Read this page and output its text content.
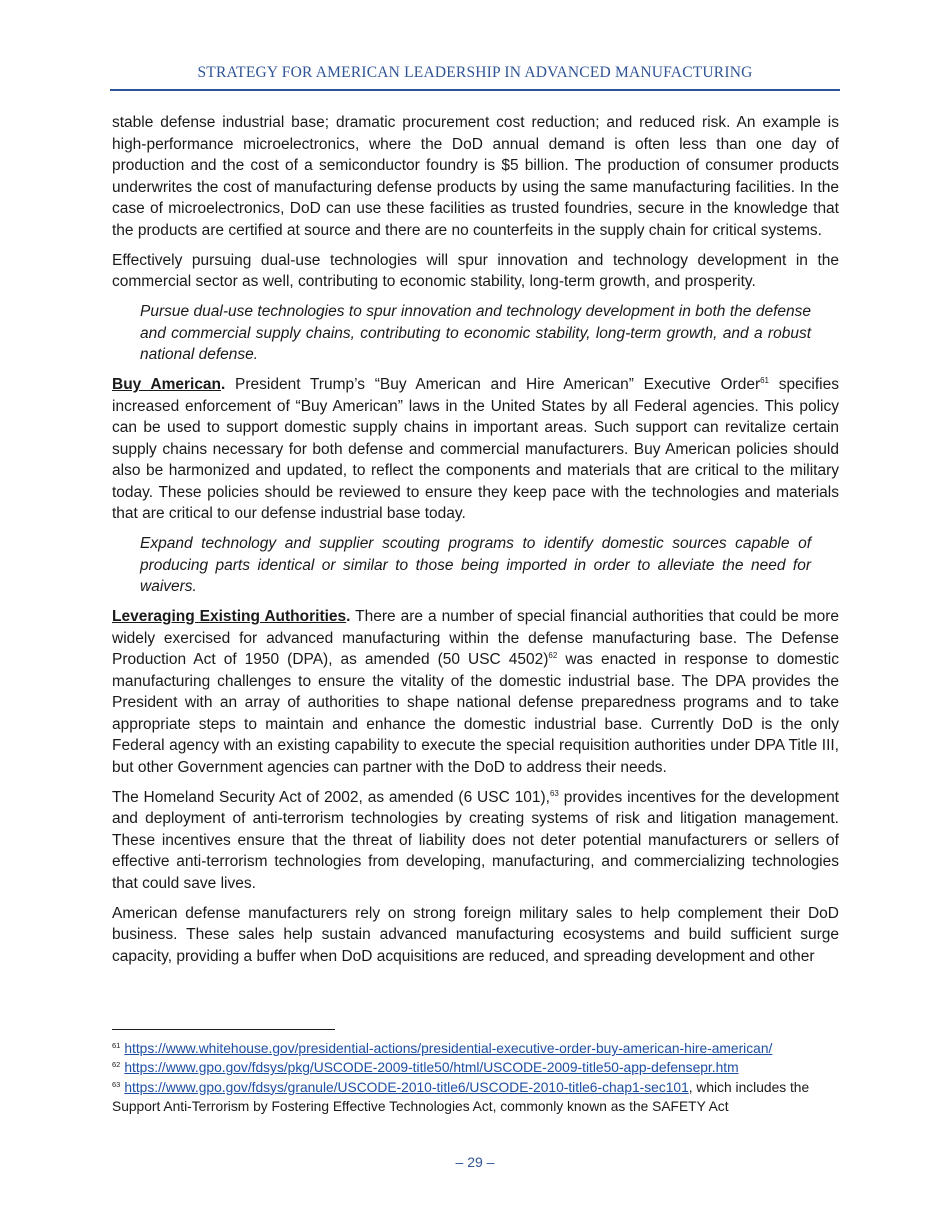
STRATEGY FOR AMERICAN LEADERSHIP IN ADVANCED MANUFACTURING

stable defense industrial base; dramatic procurement cost reduction; and reduced risk. An example is high-performance microelectronics, where the DoD annual demand is often less than one day of production and the cost of a semiconductor foundry is $5 billion. The production of consumer products underwrites the cost of manufacturing defense products by using the same manufacturing facilities. In the case of microelectronics, DoD can use these facilities as trusted foundries, secure in the knowledge that the products are certified at source and there are no counterfeits in the supply chain for critical systems.

Effectively pursuing dual-use technologies will spur innovation and technology development in the commercial sector as well, contributing to economic stability, long-term growth, and prosperity.

Pursue dual-use technologies to spur innovation and technology development in both the defense and commercial supply chains, contributing to economic stability, long-term growth, and a robust national defense.

Buy American. President Trump’s “Buy American and Hire American” Executive Order$^{61}$ specifies increased enforcement of “Buy American” laws in the United States by all Federal agencies. This policy can be used to support domestic supply chains in important areas. Such support can revitalize certain supply chains necessary for both defense and commercial manufacturers. Buy American policies should also be harmonized and updated, to reflect the components and materials that are critical to the military today. These policies should be reviewed to ensure they keep pace with the technologies and materials that are critical to our defense industrial base today.

Expand technology and supplier scouting programs to identify domestic sources capable of producing parts identical or similar to those being imported in order to alleviate the need for waivers.

Leveraging Existing Authorities. There are a number of special financial authorities that could be more widely exercised for advanced manufacturing within the defense manufacturing base. The Defense Production Act of 1950 (DPA), as amended (50 USC 4502)$^{62}$ was enacted in response to domestic manufacturing challenges to ensure the vitality of the domestic industrial base. The DPA provides the President with an array of authorities to shape national defense preparedness programs and to take appropriate steps to maintain and enhance the domestic industrial base. Currently DoD is the only Federal agency with an existing capability to execute the special requisition authorities under DPA Title III, but other Government agencies can partner with the DoD to address their needs.

The Homeland Security Act of 2002, as amended (6 USC 101),$^{63}$ provides incentives for the development and deployment of anti-terrorism technologies by creating systems of risk and litigation management. These incentives ensure that the threat of liability does not deter potential manufacturers or sellers of effective anti-terrorism technologies from developing, manufacturing, and commercializing technologies that could save lives.

American defense manufacturers rely on strong foreign military sales to help complement their DoD business. These sales help sustain advanced manufacturing ecosystems and build sufficient surge capacity, providing a buffer when DoD acquisitions are reduced, and spreading development and other

$^{61}$ https://www.whitehouse.gov/presidential-actions/presidential-executive-order-buy-american-hire-american/

$^{62}$ https://www.gpo.gov/fdsys/pkg/USCODE-2009-title50/html/USCODE-2009-title50-app-defensepr.htm

$^{63}$ https://www.gpo.gov/fdsys/granule/USCODE-2010-title6/USCODE-2010-title6-chap1-sec101, which includes the Support Anti-Terrorism by Fostering Effective Technologies Act, commonly known as the SAFETY Act

– 29 –
